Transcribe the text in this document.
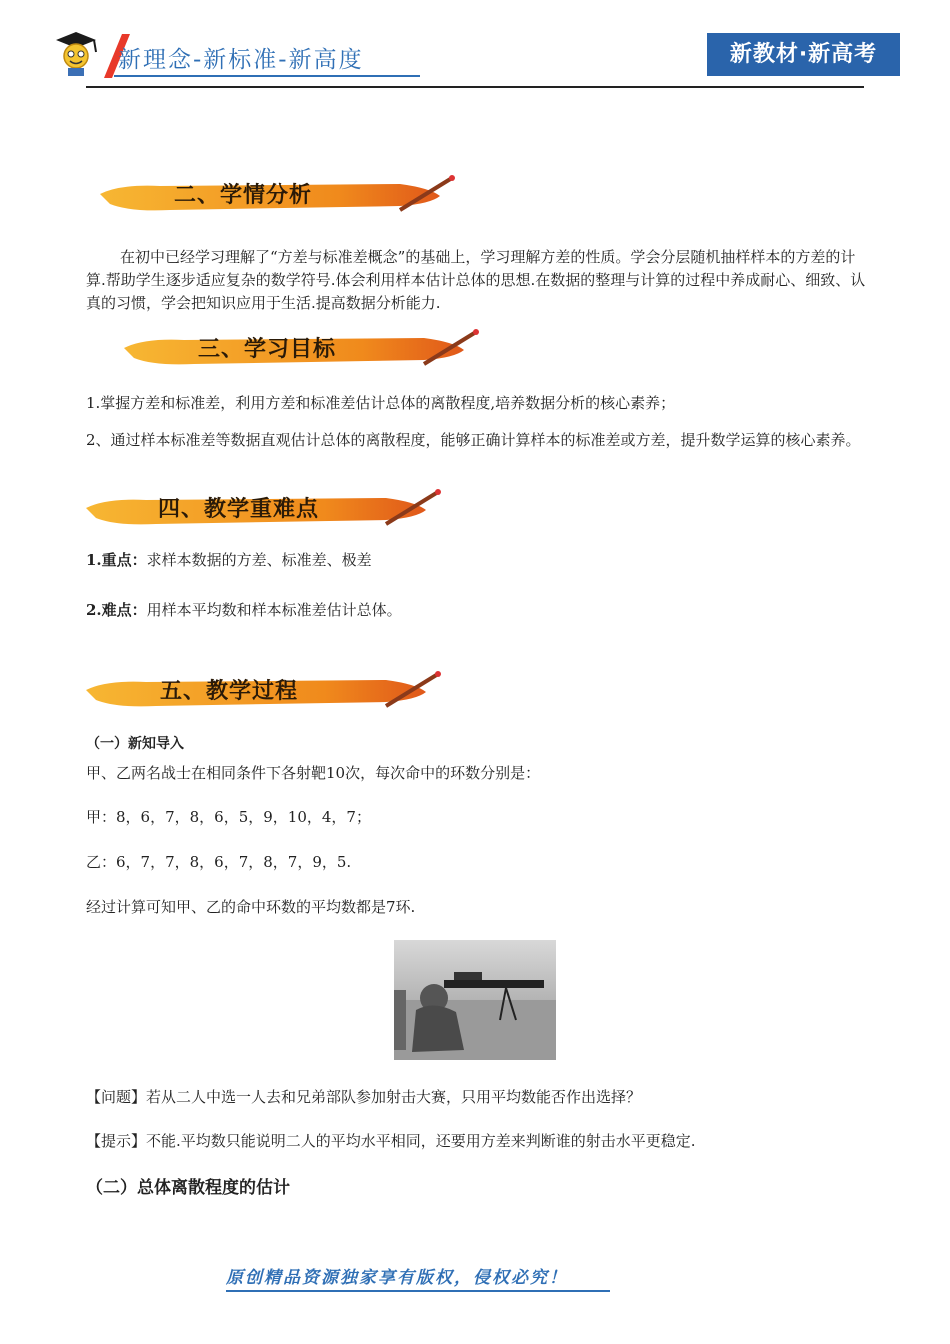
新理念-新标准-新高度	新教材·新高考
二、学情分析
在初中已经学习理解了“方差与标准差概念”的基础上，学习理解方差的性质。学会分层随机抽样样本的方差的计算.帮助学生逐步适应复杂的数学符号.体会利用样本估计总体的思想.在数据的整理与计算的过程中养成耐心、细致、认真的习惯，学会把知识应用于生活.提高数据分析能力.
三、学习目标
1.掌握方差和标准差，利用方差和标准差估计总体的离散程度,培养数据分析的核心素养；
2、通过样本标准差等数据直观估计总体的离散程度，能够正确计算样本的标准差或方差，提升数学运算的核心素养。
四、教学重难点
1.重点：求样本数据的方差、标准差、极差
2.难点：用样本平均数和样本标准差估计总体。
五、教学过程
（一）新知导入
甲、乙两名战士在相同条件下各射靶10次，每次命中的环数分别是：
甲：8，6，7，8，6，5，9，10，4，7；
乙：6，7，7，8，6，7，8，7，9，5.
经过计算可知甲、乙的命中环数的平均数都是7环.
【问题】若从二人中选一人去和兄弟部队参加射击大赛，只用平均数能否作出选择？
【提示】不能.平均数只能说明二人的平均水平相同，还要用方差来判断谁的射击水平更稳定.
（二）总体离散程度的估计
原创精品资源独家享有版权，侵权必究！
